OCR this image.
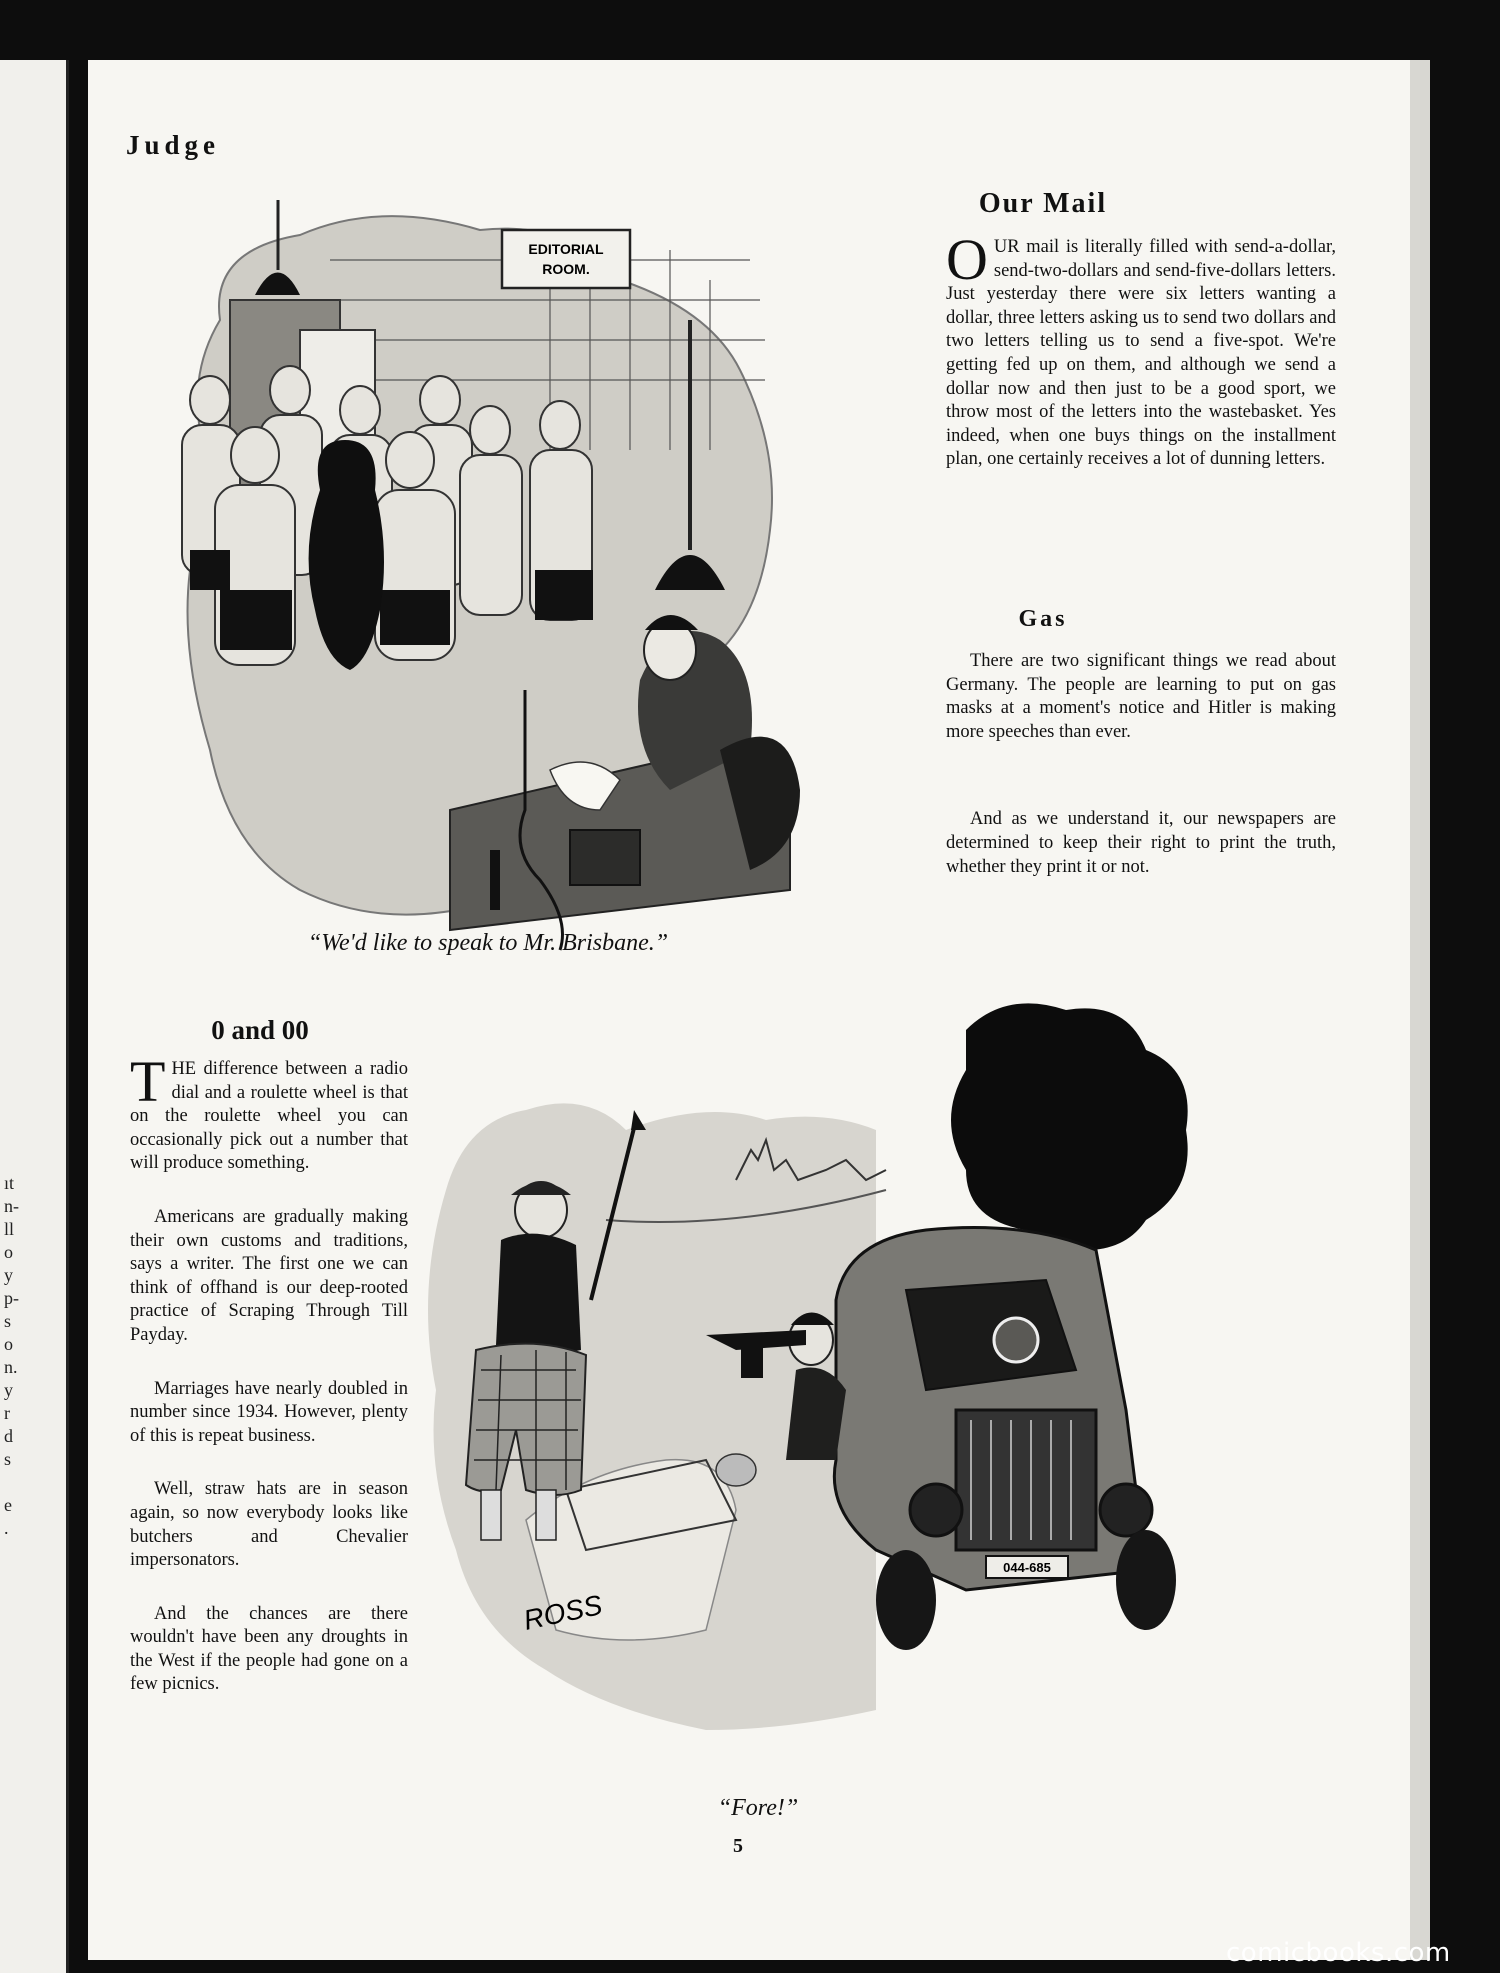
ıt
n-
ll
o
y
p-
s
o
n.
y
r
d
s
e
.
Judge
EDITORIAL
ROOM.
“We'd like to speak to Mr. Brisbane.”
Our Mail

OUR mail is literally filled with send-a-dollar, send-two-dollars and send-five-dollars letters. Just yesterday there were six letters wanting a dollar, three letters asking us to send two dollars and two letters telling us to send a five-spot. We're getting fed up on them, and although we send a dollar now and then just to be a good sport, we throw most of the letters into the wastebasket. Yes indeed, when one buys things on the installment plan, one certainly receives a lot of dunning letters.

Gas

There are two significant things we read about Germany. The people are learning to put on gas masks at a moment's notice and Hitler is making more speeches than ever.

And as we understand it, our newspapers are determined to keep their right to print the truth, whether they print it or not.

0 and 00

THE difference between a radio dial and a roulette wheel is that on the roulette wheel you can occasionally pick out a number that will produce something.

Americans are gradually making their own customs and traditions, says a writer. The first one we can think of offhand is our deep-rooted practice of Scraping Through Till Payday.

Marriages have nearly doubled in number since 1934. However, plenty of this is repeat business.

Well, straw hats are in season again, so now everybody looks like butchers and Chevalier impersonators.

And the chances are there wouldn't have been any droughts in the West if the people had gone on a few picnics.

044-685
ROSS
“Fore!”
5
comicbooks.com
